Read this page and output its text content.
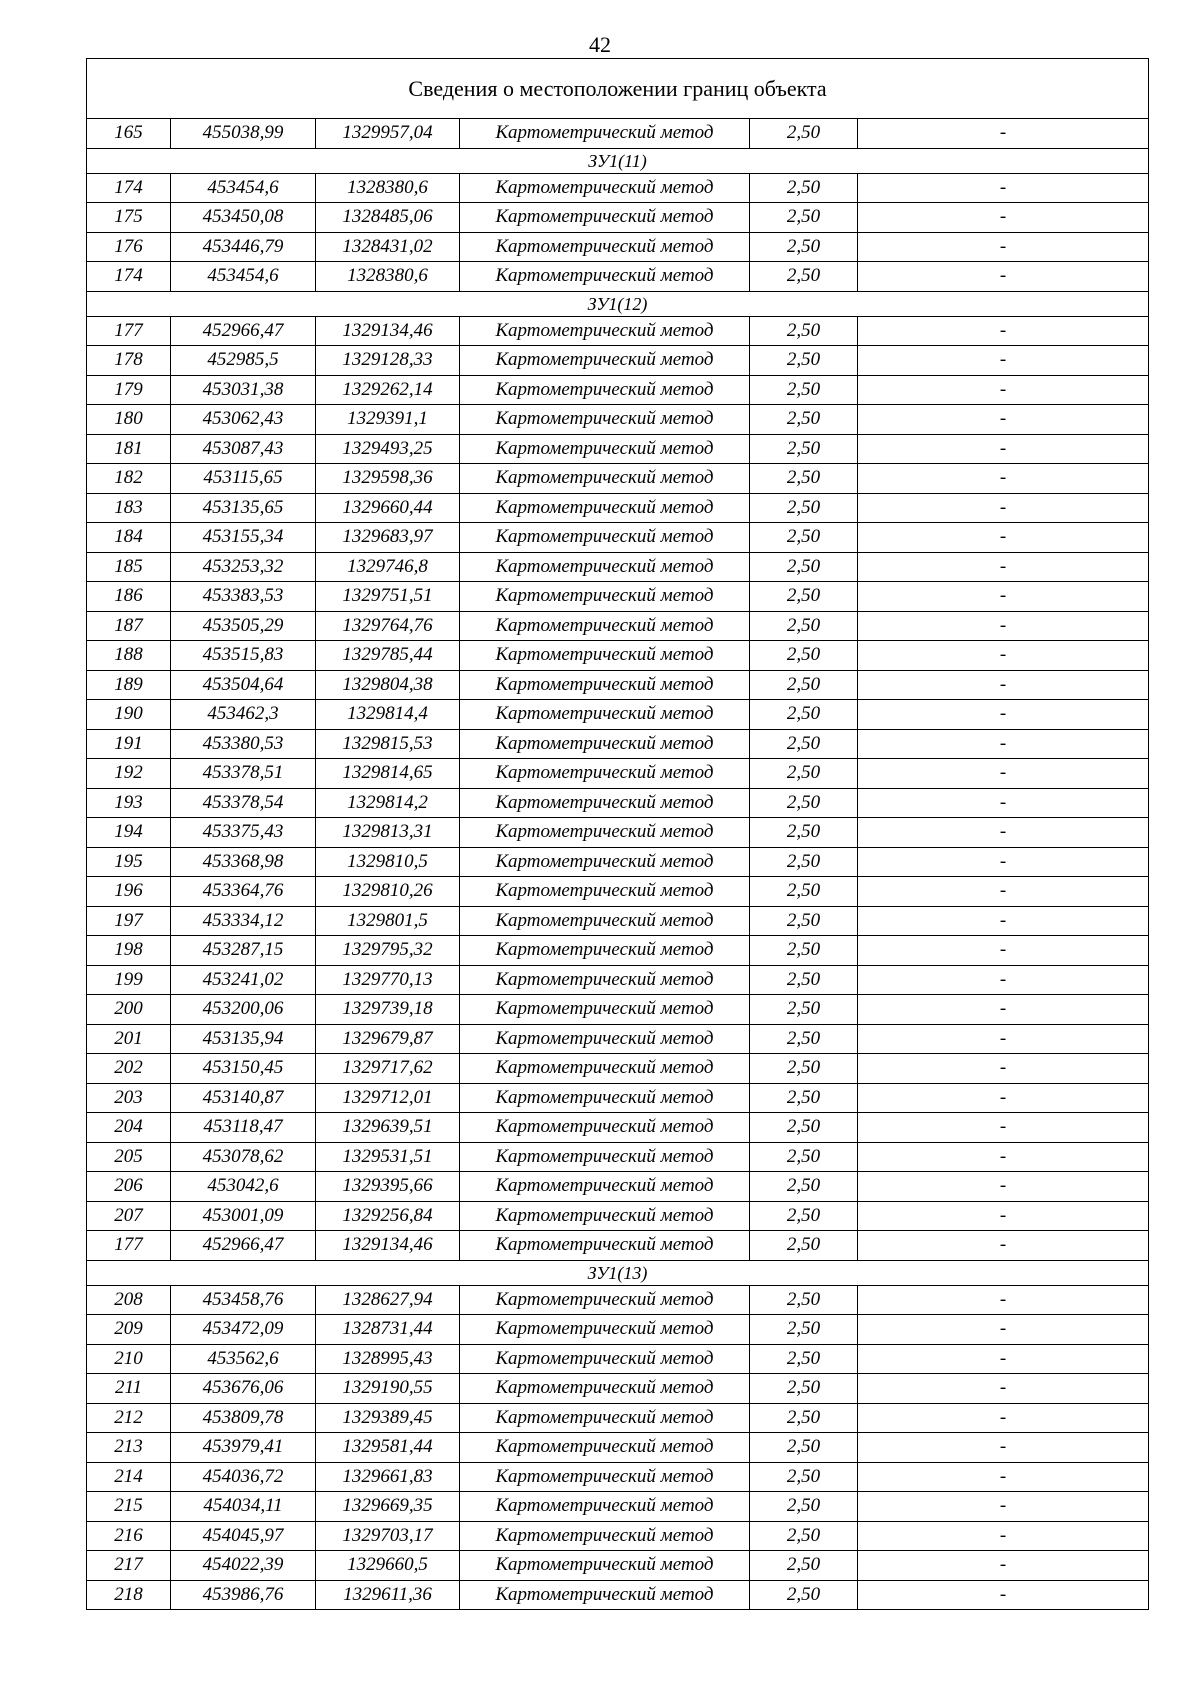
42
Сведения о местоположении границ объекта					
165	455038,99	1329957,04	Картометрический метод	2,50	-
ЗУ1(11)					
174	453454,6	1328380,6	Картометрический метод	2,50	-
175	453450,08	1328485,06	Картометрический метод	2,50	-
176	453446,79	1328431,02	Картометрический метод	2,50	-
174	453454,6	1328380,6	Картометрический метод	2,50	-
ЗУ1(12)					
177	452966,47	1329134,46	Картометрический метод	2,50	-
178	452985,5	1329128,33	Картометрический метод	2,50	-
179	453031,38	1329262,14	Картометрический метод	2,50	-
180	453062,43	1329391,1	Картометрический метод	2,50	-
181	453087,43	1329493,25	Картометрический метод	2,50	-
182	453115,65	1329598,36	Картометрический метод	2,50	-
183	453135,65	1329660,44	Картометрический метод	2,50	-
184	453155,34	1329683,97	Картометрический метод	2,50	-
185	453253,32	1329746,8	Картометрический метод	2,50	-
186	453383,53	1329751,51	Картометрический метод	2,50	-
187	453505,29	1329764,76	Картометрический метод	2,50	-
188	453515,83	1329785,44	Картометрический метод	2,50	-
189	453504,64	1329804,38	Картометрический метод	2,50	-
190	453462,3	1329814,4	Картометрический метод	2,50	-
191	453380,53	1329815,53	Картометрический метод	2,50	-
192	453378,51	1329814,65	Картометрический метод	2,50	-
193	453378,54	1329814,2	Картометрический метод	2,50	-
194	453375,43	1329813,31	Картометрический метод	2,50	-
195	453368,98	1329810,5	Картометрический метод	2,50	-
196	453364,76	1329810,26	Картометрический метод	2,50	-
197	453334,12	1329801,5	Картометрический метод	2,50	-
198	453287,15	1329795,32	Картометрический метод	2,50	-
199	453241,02	1329770,13	Картометрический метод	2,50	-
200	453200,06	1329739,18	Картометрический метод	2,50	-
201	453135,94	1329679,87	Картометрический метод	2,50	-
202	453150,45	1329717,62	Картометрический метод	2,50	-
203	453140,87	1329712,01	Картометрический метод	2,50	-
204	453118,47	1329639,51	Картометрический метод	2,50	-
205	453078,62	1329531,51	Картометрический метод	2,50	-
206	453042,6	1329395,66	Картометрический метод	2,50	-
207	453001,09	1329256,84	Картометрический метод	2,50	-
177	452966,47	1329134,46	Картометрический метод	2,50	-
ЗУ1(13)					
208	453458,76	1328627,94	Картометрический метод	2,50	-
209	453472,09	1328731,44	Картометрический метод	2,50	-
210	453562,6	1328995,43	Картометрический метод	2,50	-
211	453676,06	1329190,55	Картометрический метод	2,50	-
212	453809,78	1329389,45	Картометрический метод	2,50	-
213	453979,41	1329581,44	Картометрический метод	2,50	-
214	454036,72	1329661,83	Картометрический метод	2,50	-
215	454034,11	1329669,35	Картометрический метод	2,50	-
216	454045,97	1329703,17	Картометрический метод	2,50	-
217	454022,39	1329660,5	Картометрический метод	2,50	-
218	453986,76	1329611,36	Картометрический метод	2,50	-
